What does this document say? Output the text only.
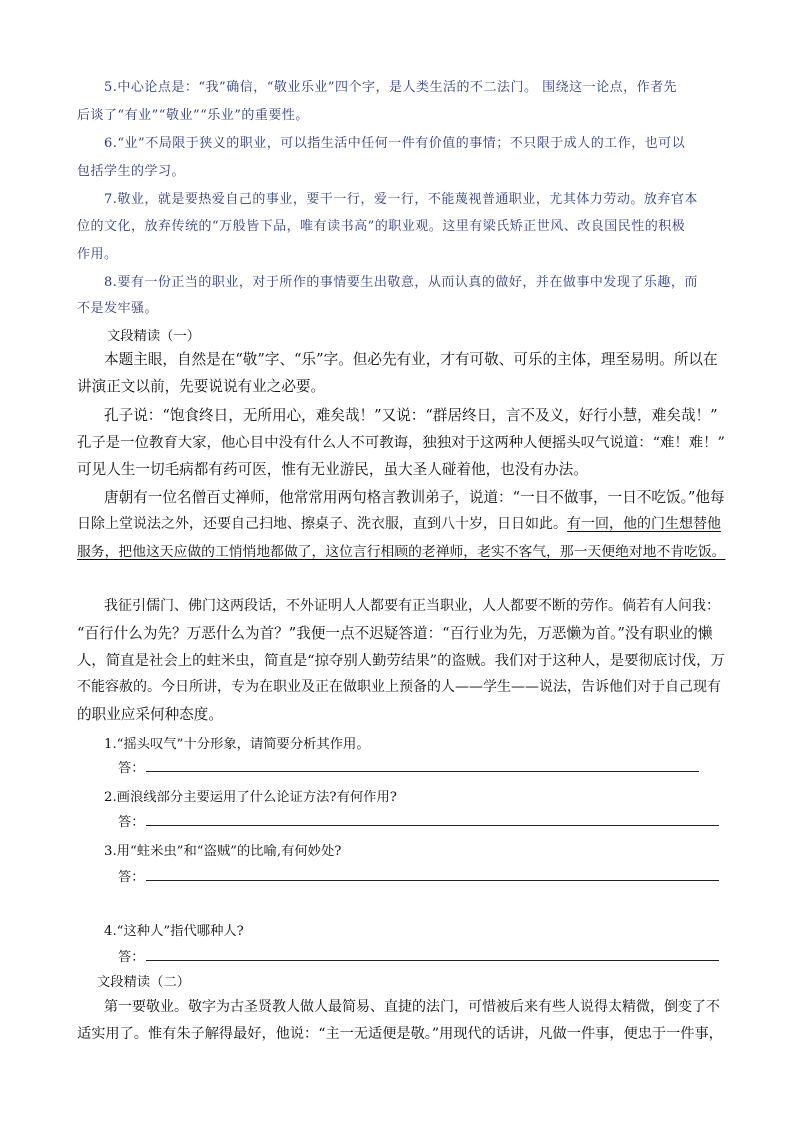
5.中心论点是：“我”确信，“敬业乐业”四个字，是人类生活的不二法门。 围绕这一论点，作者先
后谈了“有业”“敬业”“乐业”的重要性。
6.“业”不局限于狭义的职业，可以指生活中任何一件有价值的事情；不只限于成人的工作，也可以
包括学生的学习。
7.敬业，就是要热爱自己的事业，要干一行，爱一行，不能蔑视普通职业，尤其体力劳动。放弃官本
位的文化，放弃传统的“万般皆下品，唯有读书高”的职业观。这里有梁氏矫正世风、改良国民性的积极
作用。
8.要有一份正当的职业，对于所作的事情要生出敬意，从而认真的做好，并在做事中发现了乐趣，而
不是发牢骚。
文段精读（一）
本题主眼，自然是在“敬”字、“乐”字。但必先有业，才有可敬、可乐的主体，理至易明。所以在
讲演正文以前，先要说说有业之必要。
孔子说：“饱食终日，无所用心，难矣哉！”又说：“群居终日，言不及义，好行小慧，难矣哉！”
孔子是一位教育大家，他心目中没有什么人不可教诲，独独对于这两种人便摇头叹气说道：“难！难！”
可见人生一切毛病都有药可医，惟有无业游民，虽大圣人碰着他，也没有办法。
唐朝有一位名僧百丈禅师，他常常用两句格言教训弟子，说道：“一日不做事，一日不吃饭。”他每
日除上堂说法之外，还要自己扫地、擦桌子、洗衣服，直到八十岁，日日如此。有一回，他的门生想替他
服务，把他这天应做的工悄悄地都做了，这位言行相顾的老禅师，老实不客气，那一天便绝对地不肯吃饭。
我征引儒门、佛门这两段话，不外证明人人都要有正当职业，人人都要不断的劳作。倘若有人问我：
“百行什么为先？万恶什么为首？”我便一点不迟疑答道：“百行业为先，万恶懒为首。”没有职业的懒
人，简直是社会上的蛀米虫，简直是“掠夺别人勤劳结果”的盗贼。我们对于这种人，是要彻底讨伐，万
不能容赦的。今日所讲，专为在职业及正在做职业上预备的人——学生——说法，告诉他们对于自己现有
的职业应采何种态度。
1.“摇头叹气”十分形象，请简要分析其作用。
答：
2.画浪线部分主要运用了什么论证方法?有何作用?
答：
3.用“蛀米虫”和“盗贼”的比喻,有何妙处?
答：
4.“这种人”指代哪种人?
答：
文段精读（二）
第一要敬业。敬字为古圣贤教人做人最简易、直捷的法门，可惜被后来有些人说得太精微，倒变了不
适实用了。惟有朱子解得最好，他说：“主一无适便是敬。”用现代的话讲，凡做一件事，便忠于一件事，
